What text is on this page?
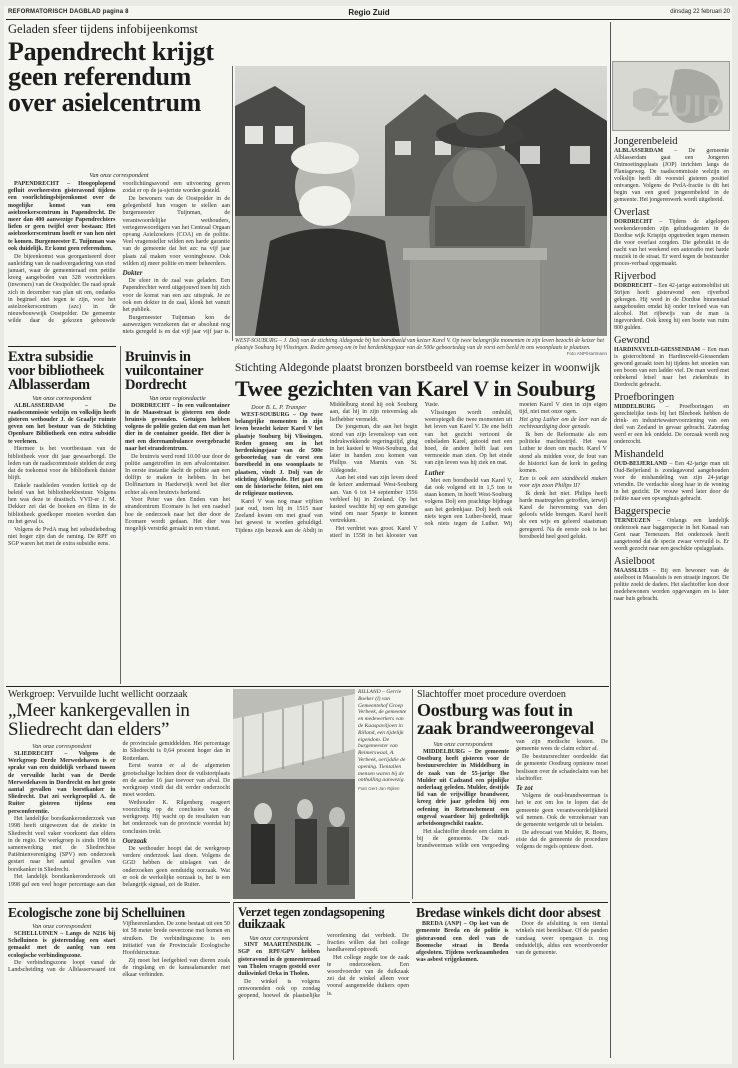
REFORMATORISCH DAGBLAD pagina 8	Regio Zuid	dinsdag 22 februari 20
Geladen sfeer tijdens infobijeenkomst
Papendrecht krijgt geen referendum over asielcentrum
Van onze correspondent

PAPENDRECHT – Hoogoplopend gefluit overheersten gisteravond tijdens een voorlichtingsbijeenkomst over de mogelijke komst van een asielzoekerscentrum in Papendrecht. De meer dan 400 aanwezige Papendrechters liefen er geen twijfel over bestaan: Het asielzoekerscentrum hoeft er van hen niet te komen. Burgemeester E. Tuijnman was ook duidelijk. Er komt geen referendum.

De bijeenkomst was georganiseerd door aanleiding van de raadsvergadering van eind januari, waar de gemeenteraad een petitie kreeg aangeboden van 328 voortrekkers (inwoners) van de Oostpolder. De raad sprak zich in december van plan uit om, ondanks in beginsel niet tegen te zijn, voor het asielzoekerscentrum (azc) in de nieuwbouwwijk Oostpolder. De gemeente wilde daar de gekozen gebouwde voorlichtingsavond een uitvoering geven zodat er op de ja-sjeriste worden gesteld.

De bewoners van de Oostpolder in de gelegenheid hun vragen te stellen aan burgemeester Tuijnman, de verantwoordelijke wethouders, vertegenwoordigers van het Centraal Orgaan opvang Asielzoekers (COA) en de politie. Veel vragensteller wilden een harde garantie van de gemeente dat het azc na vijf jaar plaats zal maken voor woningbouw. Ook wilden zij meer politie en meer beheerders.

Dokter

De sfeer in de zaal was geladen. Een Papendrechter werd uitgejouwd toen hij zich voor de komst van een azc uitsprak. Je ze ook een dokter in de zaal, klonk het vanuit het publiek.

Burgemeester Tuijnman kon de aanwezigen verzekeren dat er absoluut nog niets geregeld is en dat vijf jaar vijf jaar is.

WEST-SOUBURG – J. Dolj van de stichting Aldegonde bij het borstbeeld van keizer Karel V. Op twee belangrijke momenten in zijn leven bezocht de keizer het plaatsje Souburg bij Vlissingen. Reden genoeg om in het herdenkingsjaar van de 500e geboortedag van de vorst een beeld in ons woonplaats te plaatsen.
Foto ANP/Hartmann
Extra subsidie voor bibliotheek Alblasserdam
Van onze correspondent

ALBLASSERDAM – De raadscommissie welzijn en volkslijn heeft gisteren wethouder J. de Graafje ruimte geven om het bestuur van de Stichting Openbare Bibliotheek een extra subsidie te verlenen.

Hiermee is het voortbestaan van de bibliotheek voor dit jaar gewaarborgd. De leden van de raadscommissie stelden de zorg dat de toekomst voor de bibliotheek duister blijft.

Enkele raadsleden vonden kritiek op de beleid van het bibliotheekbestuur. Volgens hen was deze te drastisch. VVD-er J. M. Dekker zei dat de boeken en films in de bibliotheek goedkoper moeten worden dan nu het geval is.

Volgens de PvdA mag het subsidiebedrag niet hoger zijn dan de raming. De RPF en SGP waren het met de extra subsidie eens.

Bruinvis in vuilcontainer Dordrecht
Van onze regioredactie

DORDRECHT – In een vuilcontainer in de Maasstraat is gisteren een dode bruinvis gevonden. Getuigen hebben volgens de politie gezien dat een man het dier in de container gooide. Het dier is met een dierenambulance overgebracht naar het strandcentrum.

De bruinvis werd rond 10.00 uur door de politie aangetroffen in een afvalcontainer. In eerste instantie dacht de politie aan een dolfijn te maken te hebben. In het Dolfinarium in Harderwijk werd het dier echter als een bruinvis herkend.

Voor Peter van den Enden van het strandcentrum Ecomare is het een raadsel hoe de onderzoek naar het dier door de Ecomare wordt gedaan. Het dier was mogelijk verstrikt geraakt in een visnet.

Stichting Aldegonde plaatst bronzen borstbeeld van roemse keizer in woonwijk
Twee gezichten van Karel V in Souburg

Door B. L. P. Tramper

WEST-SOUBURG – Op twee belangrijke momenten in zijn leven bezocht keizer Karel V het plaatsje Souburg bij Vlissingen. Reden genoeg om in het herdenkingsjaar van de 500e geboortedag van de vorst een borstbeeld in ons woonplaats te plaatsen, vindt J. Dolj van de stichting Aldegonde. Het gaat om om de historische feiten, niet om de religieuze motieven.

Karel V was nog maar vijftien jaar oud, toen hij in 1515 naar Zeeland kwam om met graaf van het gewest te worden gehuldigd. Tijdens zijn bezoek aan de Abdij in Middelburg stond hij ook Souburg aan, dat hij in zijn reisverslag als liefhebber vermeldt.

De jongeman, die aan het begin stond van zijn levensloop van een indrukwekkende regeringstijd, ging in het kasteel te West-Souburg, dat later in handen zou komen van Philips van Marnix van St. Aldegonde.

Aan het eind van zijn leven deed de keizer andermaal West-Souburg aan. Van 6 tot 14 september 1556 verbleef hij in Zeeland. Op het kasteel wachtte hij op een gunstige wind om naar Spanje te kunnen vertrekken.

Het verdriet was groot. Karel V stierf in 1558 in het klooster van Yuste.

Vlissingen wordt omhuld, weerspiegelt die twee momenten uit het leven van Karel V. De ene helft van het gezicht vertoont de onbeladen Karel, getooid met een hoed, de andere helft laat een vermoeide man zien. Op het einde van zijn leven was hij ziek en mat.

Luther

Met een borstbeeld van Karel V, dat ook volgend eit in 1,5 ton te staan komen, in hoeft West-Souburg volgens Dolj een prachtige bijdrage aan het gedenkjaar. Dolj heeft ook niets tegen een Luther-beeld, maar ook niets tegen de Luther. Wij moeten Karel V zien in zijn eigen tijd, niet met onze ogen.

Het ging Luther om de leer van de rechtvaardiging door genade.

Ik ben de Reformatie als een politieke machtsstrijd. Het was Luther te doen om macht. Karel V stond als midden voor, de fout van de historici kan de kerk in geding komen.

Een is ook een standbeeld maken voor zijn zoon Philips II?

Ik denk het niet. Philips heeft harde maatregelen getroffen, terwijl Karel de hervorming van den geloofs wilde brengen. Karel heeft als een wijs en geleerd staatsman geregeerd. Na de eerste ook is het borstbeeld heel goed gelukt.

Werkgroep: Vervuilde lucht wellicht oorzaak
„Meer kankergevallen in Sliedrecht dan elders”

Van onze correspondent

SLIEDRECHT – Volgens de Werkgroep Derde Merwedehaven is er sprake van een duidelijk verband tussen de vervuilde lucht van de Derde Merwedehaven in Dordrecht en het grote aantal gevallen van borstkanker in Sliedrecht. Dat zei werkgroeplid A. de Ruiter gisteren tijdens een persconferentie.

Het landelijke borstkankeronderzoek van 1998 heeft uitgewezen dat de ziekte in Sliedrecht veel vaker voorkomt dan elders in de regio. De werkgroep is sinds 1998 in samenwerking met de Sliedrechtse Patiëntenvereniging (SPV) een onderzoek gestart naar het aantal gevallen van borstkanker in Sliedrecht.

Het landelijk borstkankeronderzoek uit 1998 gaf een veel hoger percentage aan dan de provinciale gemiddelden. Het percentage in Sliedrecht is 0,64 procent hoger dan in Rotterdam.

Eerst waren er al de afgemeten grootschalige luchten door de vuilstortplaats en de aardse 16 jaar toevoer van afval. De werkgroep vindt dat dit verder onderzocht moet worden.

Wethouder K. Rilgenberg reageert voorzichtig op de conclusies van de werkgroep. Hij wacht op de resultaten van het onderzoek van de provincie voordat hij conclusies trekt.

Oorzaak

De wethouder hoopt dat de werkgroep verdere onderzoek laat doen. Volgens de GGD hebben de uitslagen van de onderzoeken geen eenduidig oorzaak. Wat er ook de werkelijke oorzaak is, het is een belangrijk signaal, zei de Ruiter.

RILLAND – Gerrie Boeker (l) van Gemeentehof Groep Verbeek, de gemeente en medewerkers van de Kaaspaviljoen in Rilland, een tijdelijk eigendom. De burgemeester van Reimerswaal, A. Verbeek, oerijddie de opening. Tientallen mensen waren bij de onthulling aanwezig.
Foto Gert-Jan Rijken
Slachtoffer moet procedure overdoen
Oostburg was fout in zaak brandweerongeval

Van onze correspondent

MIDDELBURG – De gemeente Oostburg heeft gisteren voor de bestuursrechter in Middelburg in de zaak van de 55-jarige Ilse Mulder uit Cadzand een pijnlijke nederlaag geleden. Mulder, destijds lid van de vrijwillige brandweer, kreeg drie jaar geleden bij een oefening in Retranchement een ongeval waardoor hij gedeeltelijk arbeidsongeschikt raakte.

Het slachtoffer diende een claim in bij de gemeente. De oud-brandweerman wilde een vergoeding van zijn medische kosten. De gemeente wees de claim echter af.

De bestuursrechter oordeelde dat de gemeente Oostburg opnieuw moet beslissen over de schadeclaim van het slachtoffer.

Te zot

Volgens de oud-brandweerman is het te zot om los te lopen dat de gemeente geen verantwoordelijkheid wil nemen. Ook de verzekeraar van de gemeente weigerde uit te betalen.

De advocaat van Mulder, R. Boers, eiste dat de gemeente de procedure volgens de regels opnieuw doet.

Bredase winkels dicht door absest

BREDA (ANP) – Op last van de gemeente Breda en de politie is gisteravond een deel van de Boomsche straat in Breda afgesloten. Tijdens werkzaamheden was asbest vrijgekomen.

Door de afsluiting is een tiental winkels niet bereikbaar. Of de panden vandaag weer opengaan is nog onduidelijk, aldus een woordvoerder van de gemeente.

Ecologische zone bij Schelluinen

Van onze correspondent

SCHELLUINEN – Langs de N216 bij Schelluinen is gisterenddag een start gemaakt met de aanleg van een ecologische verbindingszone.

De verbindingszone loopt vanaf de Landscheiding van de Alblasserwaard tot Vijfheerenlanden. De zone bestaat uit een 50 tot 58 meter brede oeverzone met bomen en struiken. De verbindingszone is een initiatief van de Provinciale Ecologische Hoofdstructuur.

Zij moet het leefgebied van dieren zoals de ringslang en de kamsalamander met elkaar verbinden.

Verzet tegen zondagsopening duikzaak

Van onze correspondent

SINT MAARTENSDIJK – SGP en RPF/GPV hebben gisteravond in de gemeenteraad van Tholen vragen gesteld over duikwinkel Orka in Tholen.

De winkel is volgens omwonenden ook op zondag geopend, hoewel de plaatselijke verordening dat verbiedt. De fracties willen dat het college handhavend optreedt.

Het college zegde toe de zaak te onderzoeken. Een woordvoerder van de duikzaak zei dat de winkel alleen voor vooraf aangemelde duikers open is.

ZUID
Jongerenbeleid
ALBLASSERDAM – De gemeente Alblasserdam gaat een Jongeren Ontmoetingsplaats (JOP) inrichten langs de Plantageweg. De raadscommissie welzijn en volkslijn heeft dit voorstel gisteren positief ontvangen. Volgens de PvdA-fractie is dit het begin van een goed jongerenbeleid in de gemeente. Het jongerenwerk wordt uitgebreid.
Overlast
DORDRECHT – Tijdens de afgelopen weekendavonden zijn geluidsagenten in de Dordtse wijk Krispijn opgetreden tegen mensen die voor overlast zorgden. Die gebruikt in de nacht van het weekend een autoradio met harde muziek in de straat. Er werd tegen de bestuurder proces-verbaal opgemaakt.
Rijverbod
DORDRECHT – Een 42-jarige automobilist uit Strijen heeft gisteravond een rijverbod gekregen. Hij werd in de Dordtse binnenstad aangehouden omdat hij onder invloed was van alcohol. Het rijbewijs van de man is ingevorderd. Ook kreeg hij een boete van ruim 800 gulden.
Gewond
HARDINXVELD-GIESSENDAM – Een man is gisterochtend in Hardinxveld-Giessendam gewond geraakt toen hij tijdens het snoeien van een boom van een ladder viel. De man werd met onbekend letsel naar het ziekenhuis in Dordrecht gebracht.
Proefboringen
MIDDELBURG – Proefboringen en gerechtelijke tests bij het Bleeboek hebben de drink- en industriewatervoorziening van een deel van Zeeland in gevaar gebracht. Zaterdag werd er een lek ontdekt. De oorzaak wordt nog onderzocht.
Mishandeld
OUD-BEIJERLAND – Een 42-jarige man uit Oud-Beijerland is zondagavond aangehouden voor de mishandeling van zijn 24-jarige vriendin. De verdachte sloeg haar in de woning in het gezicht. De vrouw werd later door de politie naar een opvanghuis gebracht.
Baggerspecie
TERNEUZEN – Onlangs een landelijk onderzoek naar baggerspecie in het Kanaal van Gent naar Terneuzen. Het onderzoek heeft aangetoond dat de specie zwaar vervuild is. Er wordt gezocht naar een geschikte opslagplaats.
Asielboot
MAASSLUIS – Bij een bewoner van de asielboot in Maassluis is een straatje ingezet. De politie zoekt de daders. Het slachtoffer kon door medebewoners worden opgevangen en is later naar huis gebracht.
